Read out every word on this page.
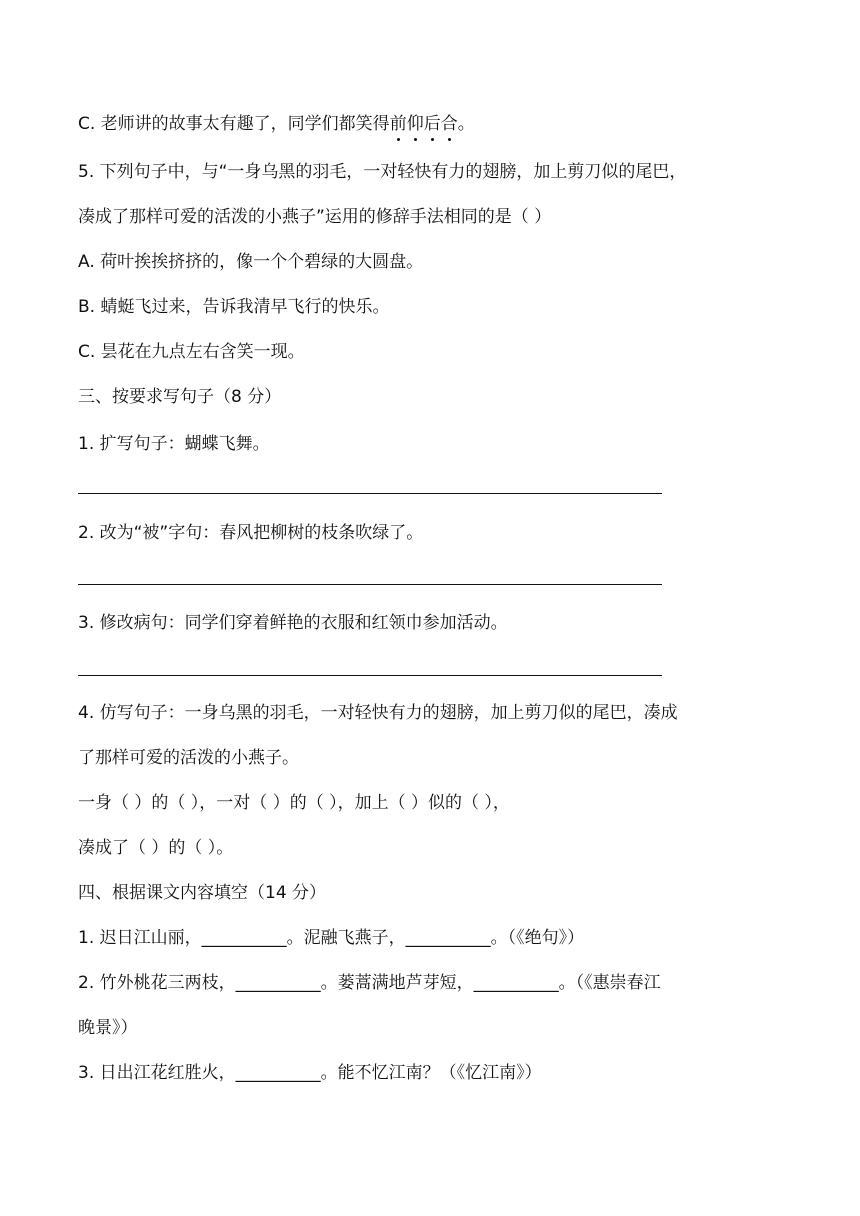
C. 老师讲的故事太有趣了，同学们都笑得前
仰
后
合
。
5. 下列句子中，与“一身乌黑的羽毛，一对轻快有力的翅膀，加上剪刀似的尾巴，
凑成了那样可爱的活泼的小燕子”运用的修辞手法相同的是（ ）
A. 荷叶挨挨挤挤的，像一个个碧绿的大圆盘。
B. 蜻蜓飞过来，告诉我清早飞行的快乐。
C. 昙花在九点左右含笑一现。
三、按要求写句子（8 分）
1. 扩写句子：蝴蝶飞舞。
2. 改为“被”字句：春风把柳树的枝条吹绿了。
3. 修改病句：同学们穿着鲜艳的衣服和红领巾参加活动。
4. 仿写句子：一身乌黑的羽毛，一对轻快有力的翅膀，加上剪刀似的尾巴，凑成
了那样可爱的活泼的小燕子。
一身（ ）的（ ），一对（ ）的（ ），加上（ ）似的（ ），
凑成了（ ）的（ ）。
四、根据课文内容填空（14 分）
1. 迟日江山丽，__________。泥融飞燕子，__________。（《绝句》）
2. 竹外桃花三两枝，__________。蒌蒿满地芦芽短，__________。（《惠崇春江
晚景》）
3. 日出江花红胜火，__________。能不忆江南？（《忆江南》）
